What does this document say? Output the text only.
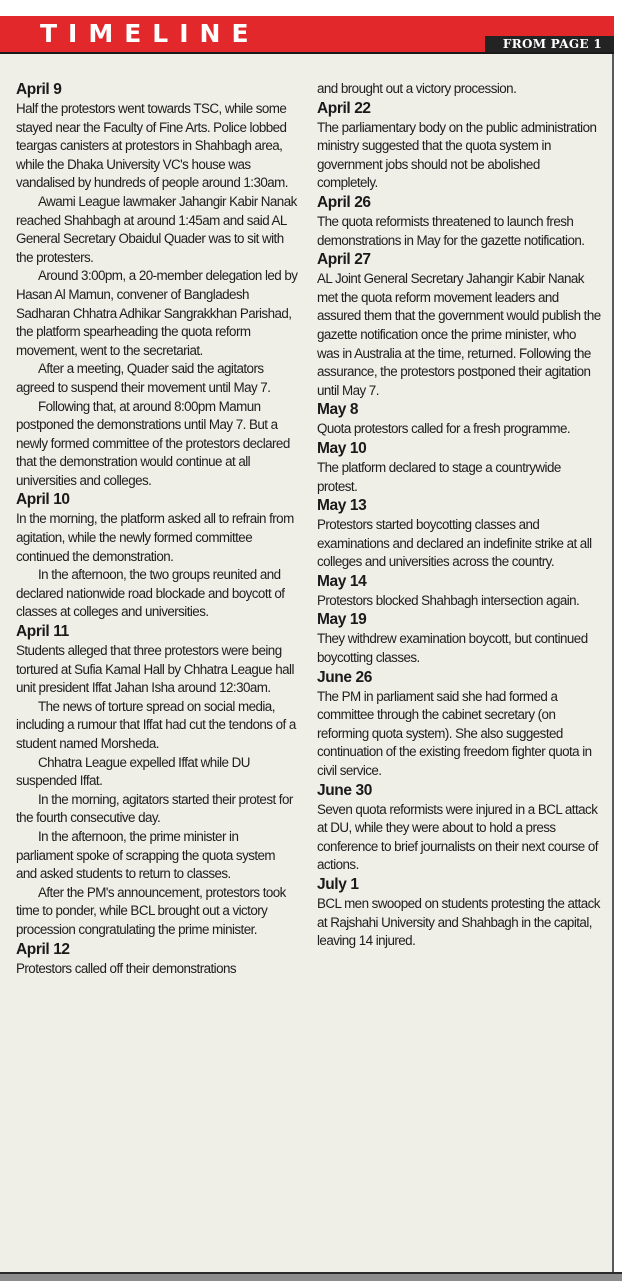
TIMELINE	FROM PAGE 1
April 9
Half the protestors went towards TSC, while some stayed near the Faculty of Fine Arts. Police lobbed teargas canisters at protestors in Shahbagh area, while the Dhaka University VC's house was vandalised by hundreds of people around 1:30am.
Awami League lawmaker Jahangir Kabir Nanak reached Shahbagh at around 1:45am and said AL General Secretary Obaidul Quader was to sit with the protesters.
Around 3:00pm, a 20-member delegation led by Hasan Al Mamun, convener of Bangladesh Sadharan Chhatra Adhikar Sangrakkhan Parishad, the platform spearheading the quota reform movement, went to the secretariat.
After a meeting, Quader said the agitators agreed to suspend their movement until May 7.
Following that, at around 8:00pm Mamun postponed the demonstrations until May 7. But a newly formed committee of the protestors declared that the demonstration would continue at all universities and colleges.
April 10
In the morning, the platform asked all to refrain from agitation, while the newly formed committee continued the demonstration.
In the afternoon, the two groups reunited and declared nationwide road blockade and boycott of classes at colleges and universities.
April 11
Students alleged that three protestors were being tortured at Sufia Kamal Hall by Chhatra League hall unit president Iffat Jahan Isha around 12:30am.
The news of torture spread on social media, including a rumour that Iffat had cut the tendons of a student named Morsheda.
Chhatra League expelled Iffat while DU suspended Iffat.
In the morning, agitators started their protest for the fourth consecutive day.
In the afternoon, the prime minister in parliament spoke of scrapping the quota system and asked students to return to classes.
After the PM's announcement, protestors took time to ponder, while BCL brought out a victory procession congratulating the prime minister.
April 12
Protestors called off their demonstrations
and brought out a victory procession.
April 22
The parliamentary body on the public administration ministry suggested that the quota system in government jobs should not be abolished completely.
April 26
The quota reformists threatened to launch fresh demonstrations in May for the gazette notification.
April 27
AL Joint General Secretary Jahangir Kabir Nanak met the quota reform movement leaders and assured them that the government would publish the gazette notification once the prime minister, who was in Australia at the time, returned. Following the assurance, the protestors postponed their agitation until May 7.
May 8
Quota protestors called for a fresh programme.
May 10
The platform declared to stage a countrywide protest.
May 13
Protestors started boycotting classes and examinations and declared an indefinite strike at all colleges and universities across the country.
May 14
Protestors blocked Shahbagh intersection again.
May 19
They withdrew examination boycott, but continued boycotting classes.
June 26
The PM in parliament said she had formed a committee through the cabinet secretary (on reforming quota system). She also suggested continuation of the existing freedom fighter quota in civil service.
June 30
Seven quota reformists were injured in a BCL attack at DU, while they were about to hold a press conference to brief journalists on their next course of actions.
July 1
BCL men swooped on students protesting the attack at Rajshahi University and Shahbagh in the capital, leaving 14 injured.
